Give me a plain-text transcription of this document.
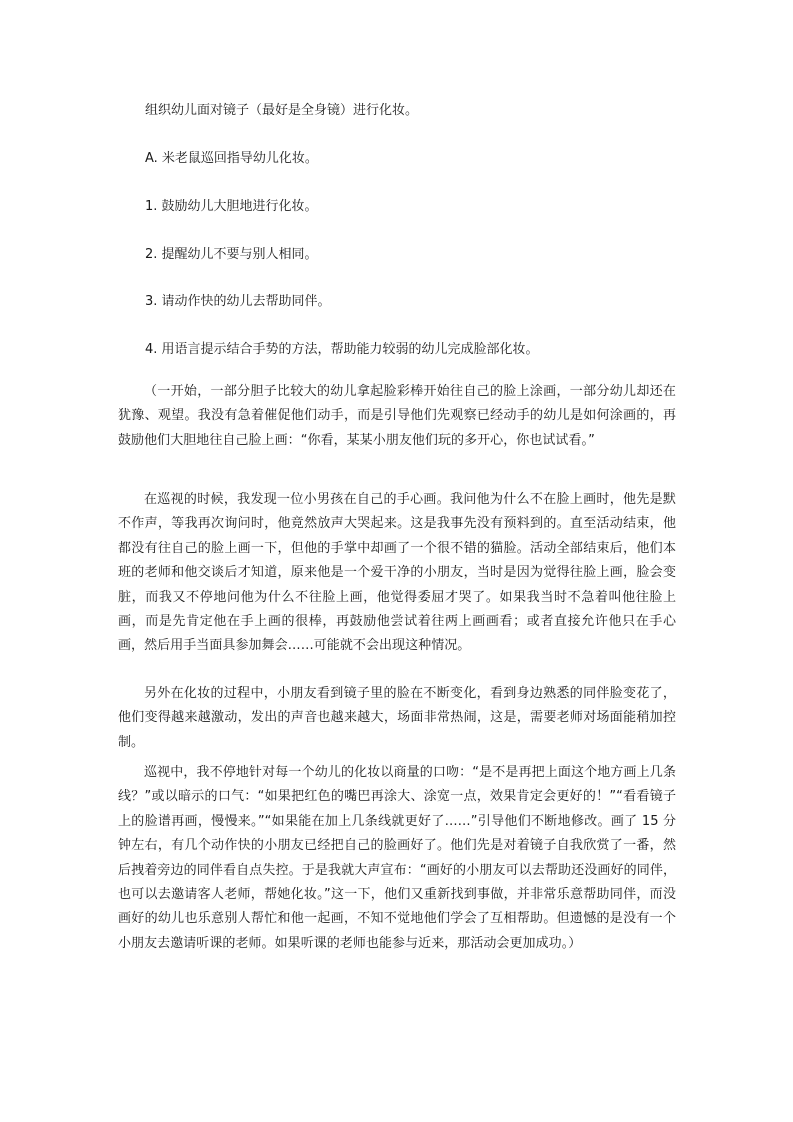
组织幼儿面对镜子（最好是全身镜）进行化妆。
A. 米老鼠巡回指导幼儿化妆。
1. 鼓励幼儿大胆地进行化妆。
2. 提醒幼儿不要与别人相同。
3. 请动作快的幼儿去帮助同伴。
4. 用语言提示结合手势的方法，帮助能力较弱的幼儿完成脸部化妆。

（一开始，一部分胆子比较大的幼儿拿起脸彩棒开始往自己的脸上涂画，一部分幼儿却还在犹豫、观望。我没有急着催促他们动手，而是引导他们先观察已经动手的幼儿是如何涂画的，再鼓励他们大胆地往自己脸上画：“你看，某某小朋友他们玩的多开心，你也试试看。”

在巡视的时候，我发现一位小男孩在自己的手心画。我问他为什么不在脸上画时，他先是默不作声，等我再次询问时，他竟然放声大哭起来。这是我事先没有预料到的。直至活动结束，他都没有往自己的脸上画一下，但他的手掌中却画了一个很不错的猫脸。活动全部结束后，他们本班的老师和他交谈后才知道，原来他是一个爱干净的小朋友，当时是因为觉得往脸上画，脸会变脏，而我又不停地问他为什么不往脸上画，他觉得委屈才哭了。如果我当时不急着叫他往脸上画，而是先肯定他在手上画的很棒，再鼓励他尝试着往两上画画看；或者直接允许他只在手心画，然后用手当面具参加舞会……可能就不会出现这种情况。

另外在化妆的过程中，小朋友看到镜子里的脸在不断变化，看到身边熟悉的同伴脸变花了，他们变得越来越激动，发出的声音也越来越大，场面非常热闹，这是，需要老师对场面能稍加控制。

巡视中，我不停地针对每一个幼儿的化妆以商量的口吻：“是不是再把上面这个地方画上几条线？”或以暗示的口气：“如果把红色的嘴巴再涂大、涂宽一点，效果肯定会更好的！”“看看镜子上的脸谱再画，慢慢来。”“如果能在加上几条线就更好了……”引导他们不断地修改。画了 15 分钟左右，有几个动作快的小朋友已经把自己的脸画好了。他们先是对着镜子自我欣赏了一番，然后拽着旁边的同伴看自点失控。于是我就大声宣布：“画好的小朋友可以去帮助还没画好的同伴，也可以去邀请客人老师，帮她化妆。”这一下，他们又重新找到事做，并非常乐意帮助同伴，而没画好的幼儿也乐意别人帮忙和他一起画，不知不觉地他们学会了互相帮助。但遗憾的是没有一个小朋友去邀请听课的老师。如果听课的老师也能参与近来，那活动会更加成功。）
